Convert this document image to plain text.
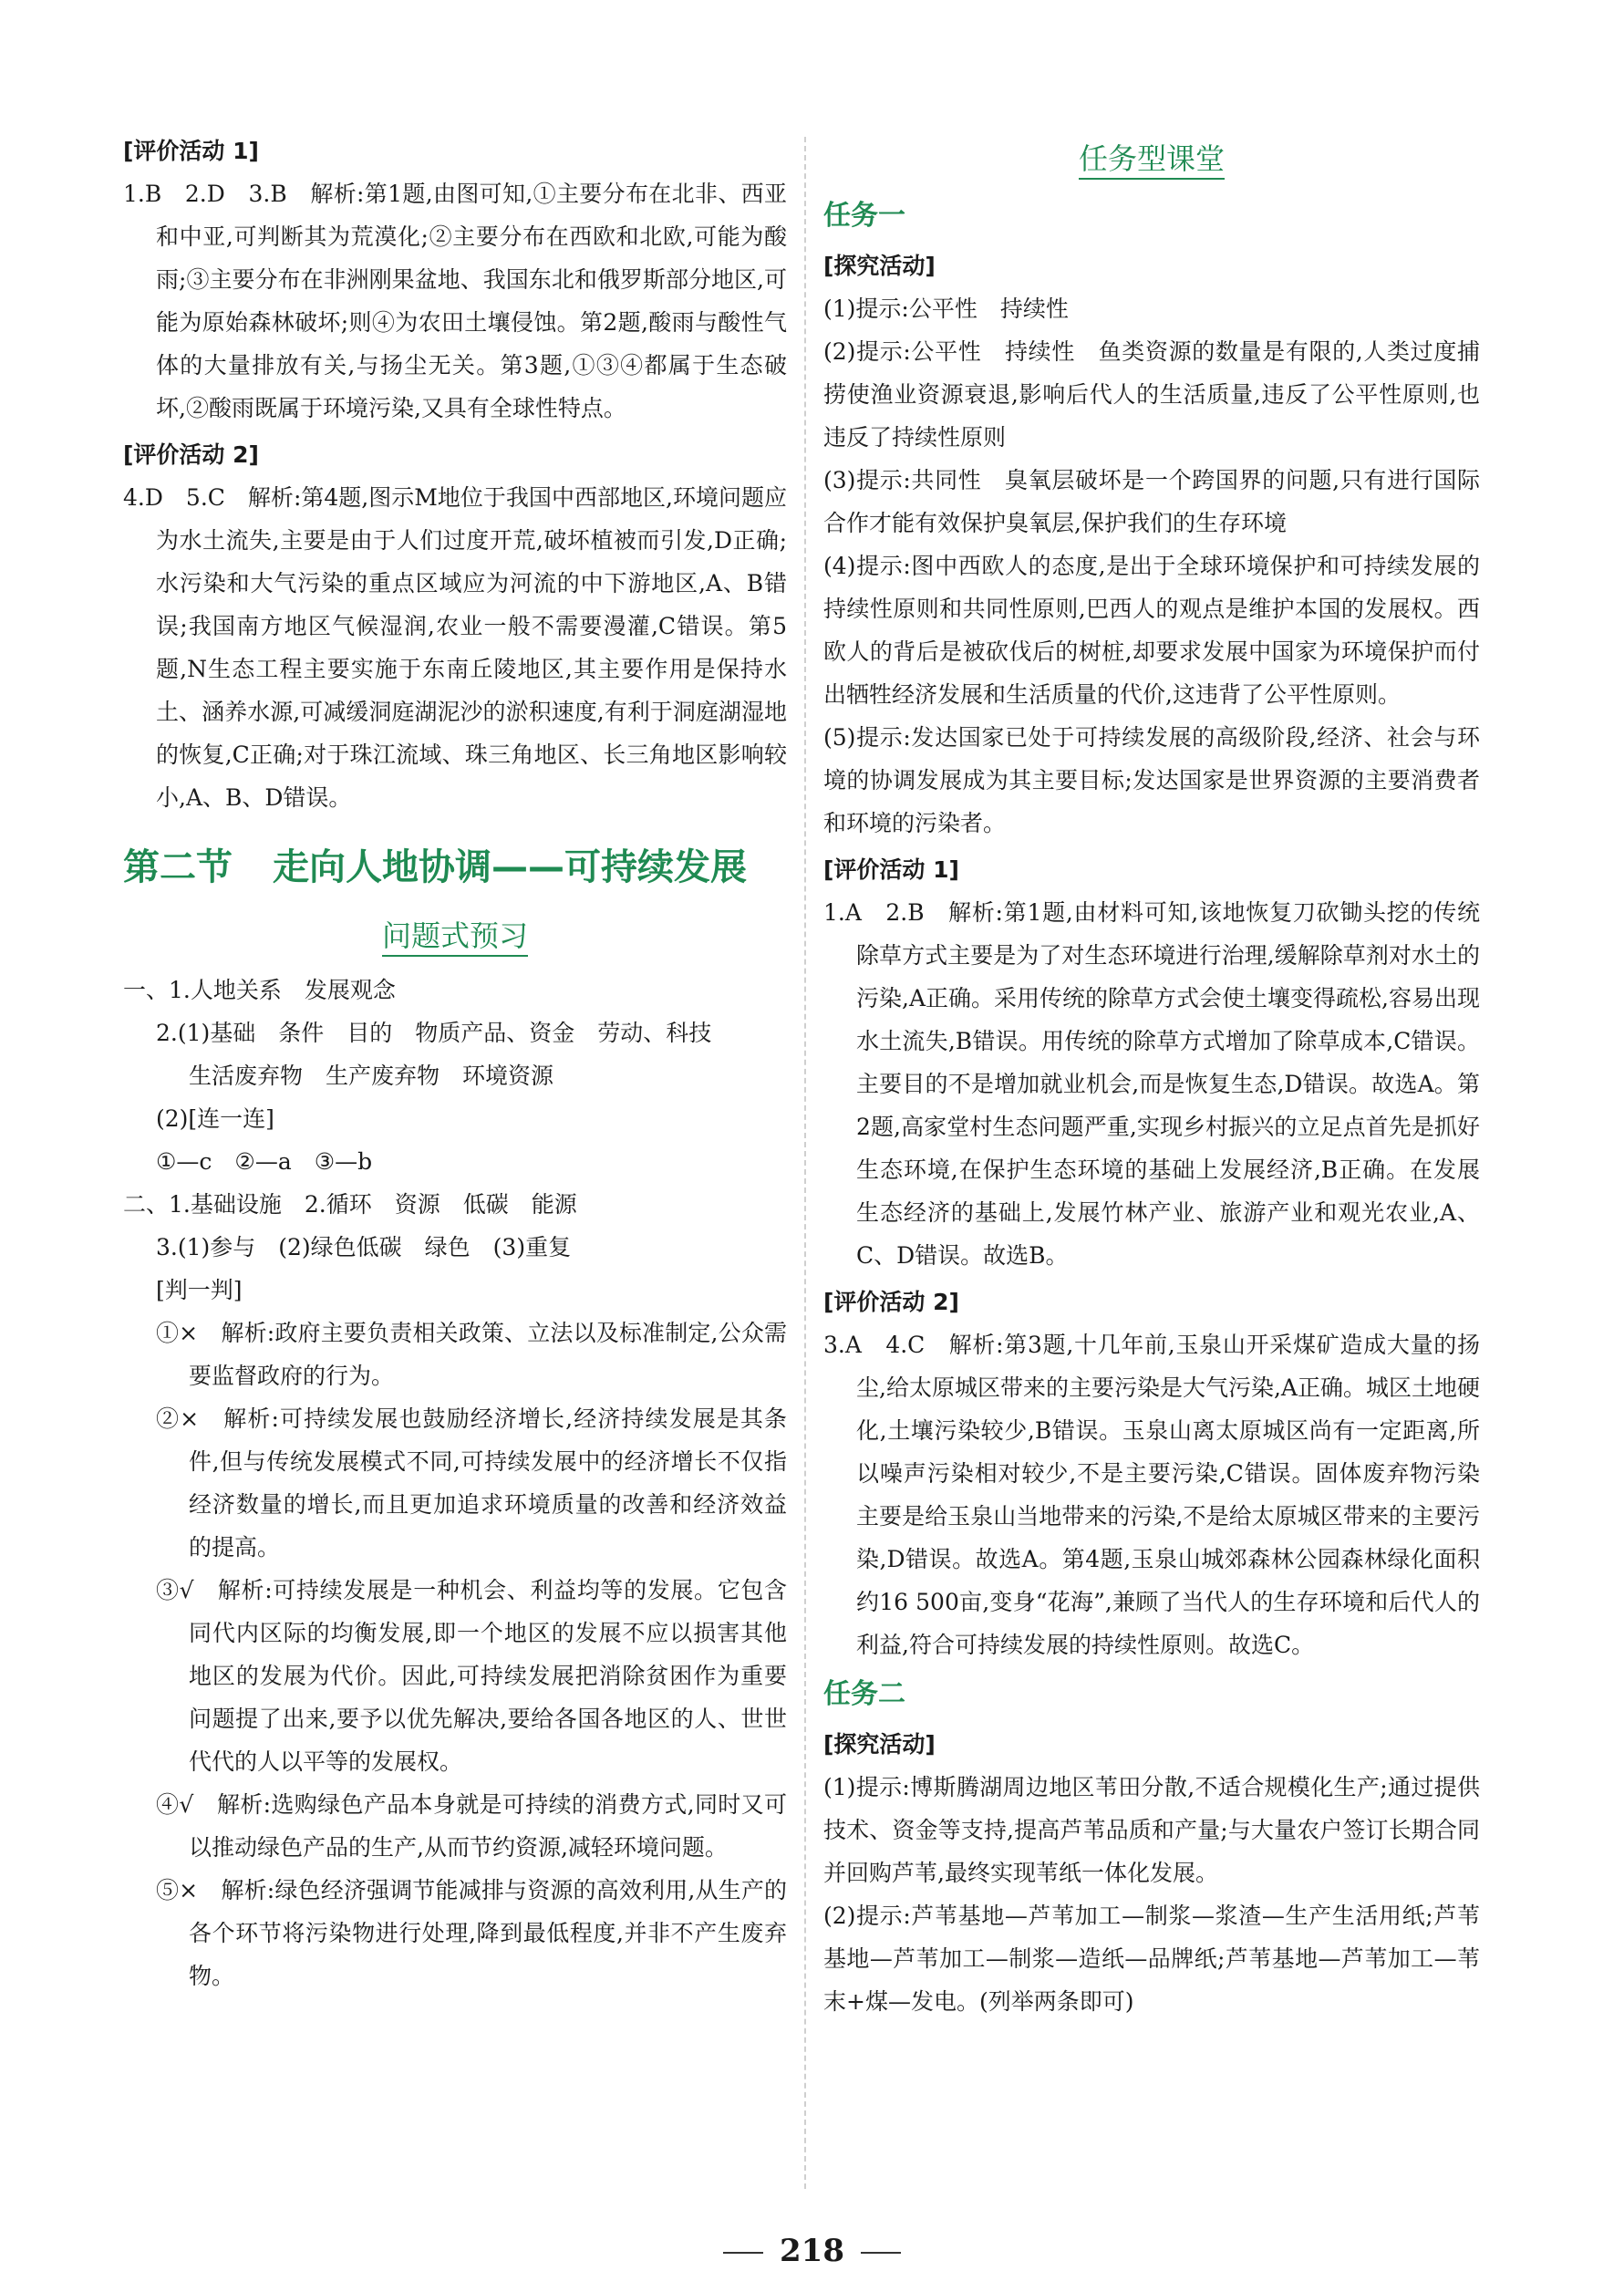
[评价活动 1]

1.B　2.D　3.B　解析:第1题,由图可知,①主要分布在北非、西亚和中亚,可判断其为荒漠化;②主要分布在西欧和北欧,可能为酸雨;③主要分布在非洲刚果盆地、我国东北和俄罗斯部分地区,可能为原始森林破坏;则④为农田土壤侵蚀。第2题,酸雨与酸性气体的大量排放有关,与扬尘无关。第3题,①③④都属于生态破坏,②酸雨既属于环境污染,又具有全球性特点。

[评价活动 2]

4.D　5.C　解析:第4题,图示M地位于我国中西部地区,环境问题应为水土流失,主要是由于人们过度开荒,破坏植被而引发,D正确;水污染和大气污染的重点区域应为河流的中下游地区,A、B错误;我国南方地区气候湿润,农业一般不需要漫灌,C错误。第5题,N生态工程主要实施于东南丘陵地区,其主要作用是保持水土、涵养水源,可减缓洞庭湖泥沙的淤积速度,有利于洞庭湖湿地的恢复,C正确;对于珠江流域、珠三角地区、长三角地区影响较小,A、B、D错误。

第二节 走向人地协调——可持续发展
问题式预习

一、1.人地关系　发展观念

2.(1)基础　条件　目的　物质产品、资金　劳动、科技

生活废弃物　生产废弃物　环境资源

(2)[连一连]

①—c　②—a　③—b

二、1.基础设施　2.循环　资源　低碳　能源

3.(1)参与　(2)绿色低碳　绿色　(3)重复

[判一判]

①×　解析:政府主要负责相关政策、立法以及标准制定,公众需要监督政府的行为。

②×　解析:可持续发展也鼓励经济增长,经济持续发展是其条件,但与传统发展模式不同,可持续发展中的经济增长不仅指经济数量的增长,而且更加追求环境质量的改善和经济效益的提高。

③√　解析:可持续发展是一种机会、利益均等的发展。它包含同代内区际的均衡发展,即一个地区的发展不应以损害其他地区的发展为代价。因此,可持续发展把消除贫困作为重要问题提了出来,要予以优先解决,要给各国各地区的人、世世代代的人以平等的发展权。

④√　解析:选购绿色产品本身就是可持续的消费方式,同时又可以推动绿色产品的生产,从而节约资源,减轻环境问题。

⑤×　解析:绿色经济强调节能减排与资源的高效利用,从生产的各个环节将污染物进行处理,降到最低程度,并非不产生废弃物。

任务型课堂
任务一
[探究活动]

(1)提示:公平性　持续性

(2)提示:公平性　持续性　鱼类资源的数量是有限的,人类过度捕捞使渔业资源衰退,影响后代人的生活质量,违反了公平性原则,也违反了持续性原则

(3)提示:共同性　臭氧层破坏是一个跨国界的问题,只有进行国际合作才能有效保护臭氧层,保护我们的生存环境

(4)提示:图中西欧人的态度,是出于全球环境保护和可持续发展的持续性原则和共同性原则,巴西人的观点是维护本国的发展权。西欧人的背后是被砍伐后的树桩,却要求发展中国家为环境保护而付出牺牲经济发展和生活质量的代价,这违背了公平性原则。

(5)提示:发达国家已处于可持续发展的高级阶段,经济、社会与环境的协调发展成为其主要目标;发达国家是世界资源的主要消费者和环境的污染者。

[评价活动 1]

1.A　2.B　解析:第1题,由材料可知,该地恢复刀砍锄头挖的传统除草方式主要是为了对生态环境进行治理,缓解除草剂对水土的污染,A正确。采用传统的除草方式会使土壤变得疏松,容易出现水土流失,B错误。用传统的除草方式增加了除草成本,C错误。主要目的不是增加就业机会,而是恢复生态,D错误。故选A。第2题,高家堂村生态问题严重,实现乡村振兴的立足点首先是抓好生态环境,在保护生态环境的基础上发展经济,B正确。在发展生态经济的基础上,发展竹林产业、旅游产业和观光农业,A、C、D错误。故选B。

[评价活动 2]

3.A　4.C　解析:第3题,十几年前,玉泉山开采煤矿造成大量的扬尘,给太原城区带来的主要污染是大气污染,A正确。城区土地硬化,土壤污染较少,B错误。玉泉山离太原城区尚有一定距离,所以噪声污染相对较少,不是主要污染,C错误。固体废弃物污染主要是给玉泉山当地带来的污染,不是给太原城区带来的主要污染,D错误。故选A。第4题,玉泉山城郊森林公园森林绿化面积约16 500亩,变身“花海”,兼顾了当代人的生存环境和后代人的利益,符合可持续发展的持续性原则。故选C。

任务二
[探究活动]

(1)提示:博斯腾湖周边地区苇田分散,不适合规模化生产;通过提供技术、资金等支持,提高芦苇品质和产量;与大量农户签订长期合同并回购芦苇,最终实现苇纸一体化发展。

(2)提示:芦苇基地—芦苇加工—制浆—浆渣—生产生活用纸;芦苇基地—芦苇加工—制浆—造纸—品牌纸;芦苇基地—芦苇加工—苇末+煤—发电。(列举两条即可)

218
